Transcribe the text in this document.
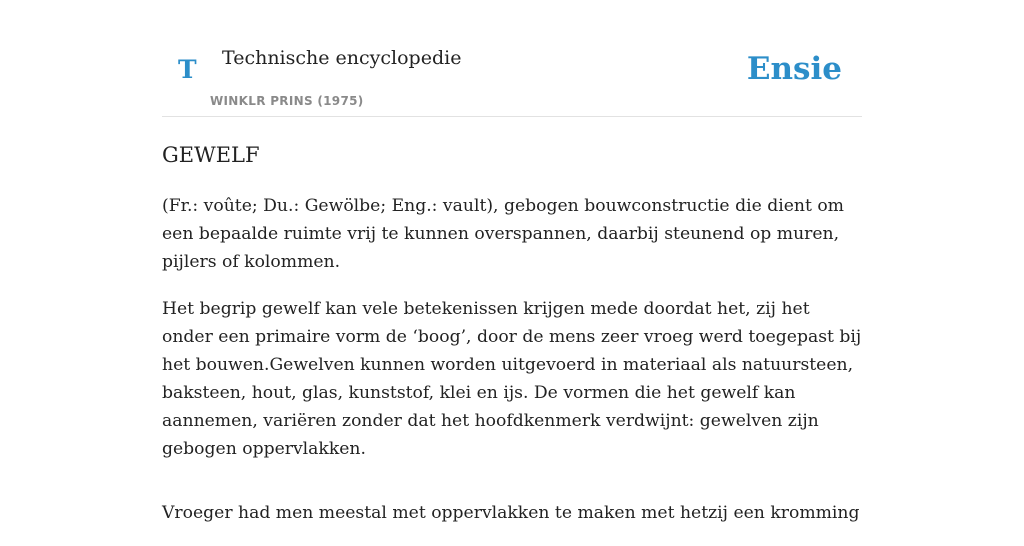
T Technische encyclopedie
WINKLR PRINS (1975)
Ensie
GEWELF

(Fr.: voûte; Du.: Gewölbe; Eng.: vault), gebogen bouwconstructie die dient om een bepaalde ruimte vrij te kunnen overspannen, daarbij steunend op muren, pijlers of kolommen.

Het begrip gewelf kan vele betekenissen krijgen mede doordat het, zij het onder een primaire vorm de ‘boog’, door de mens zeer vroeg werd toegepast bij het bouwen.Gewelven kunnen worden uitgevoerd in materiaal als natuursteen, baksteen, hout, glas, kunststof, klei en ijs. De vormen die het gewelf kan aannemen, variëren zonder dat het hoofdkenmerk verdwijnt: gewelven zijn gebogen oppervlakken.

Vroeger had men meestal met oppervlakken te maken met hetzij een kromming
